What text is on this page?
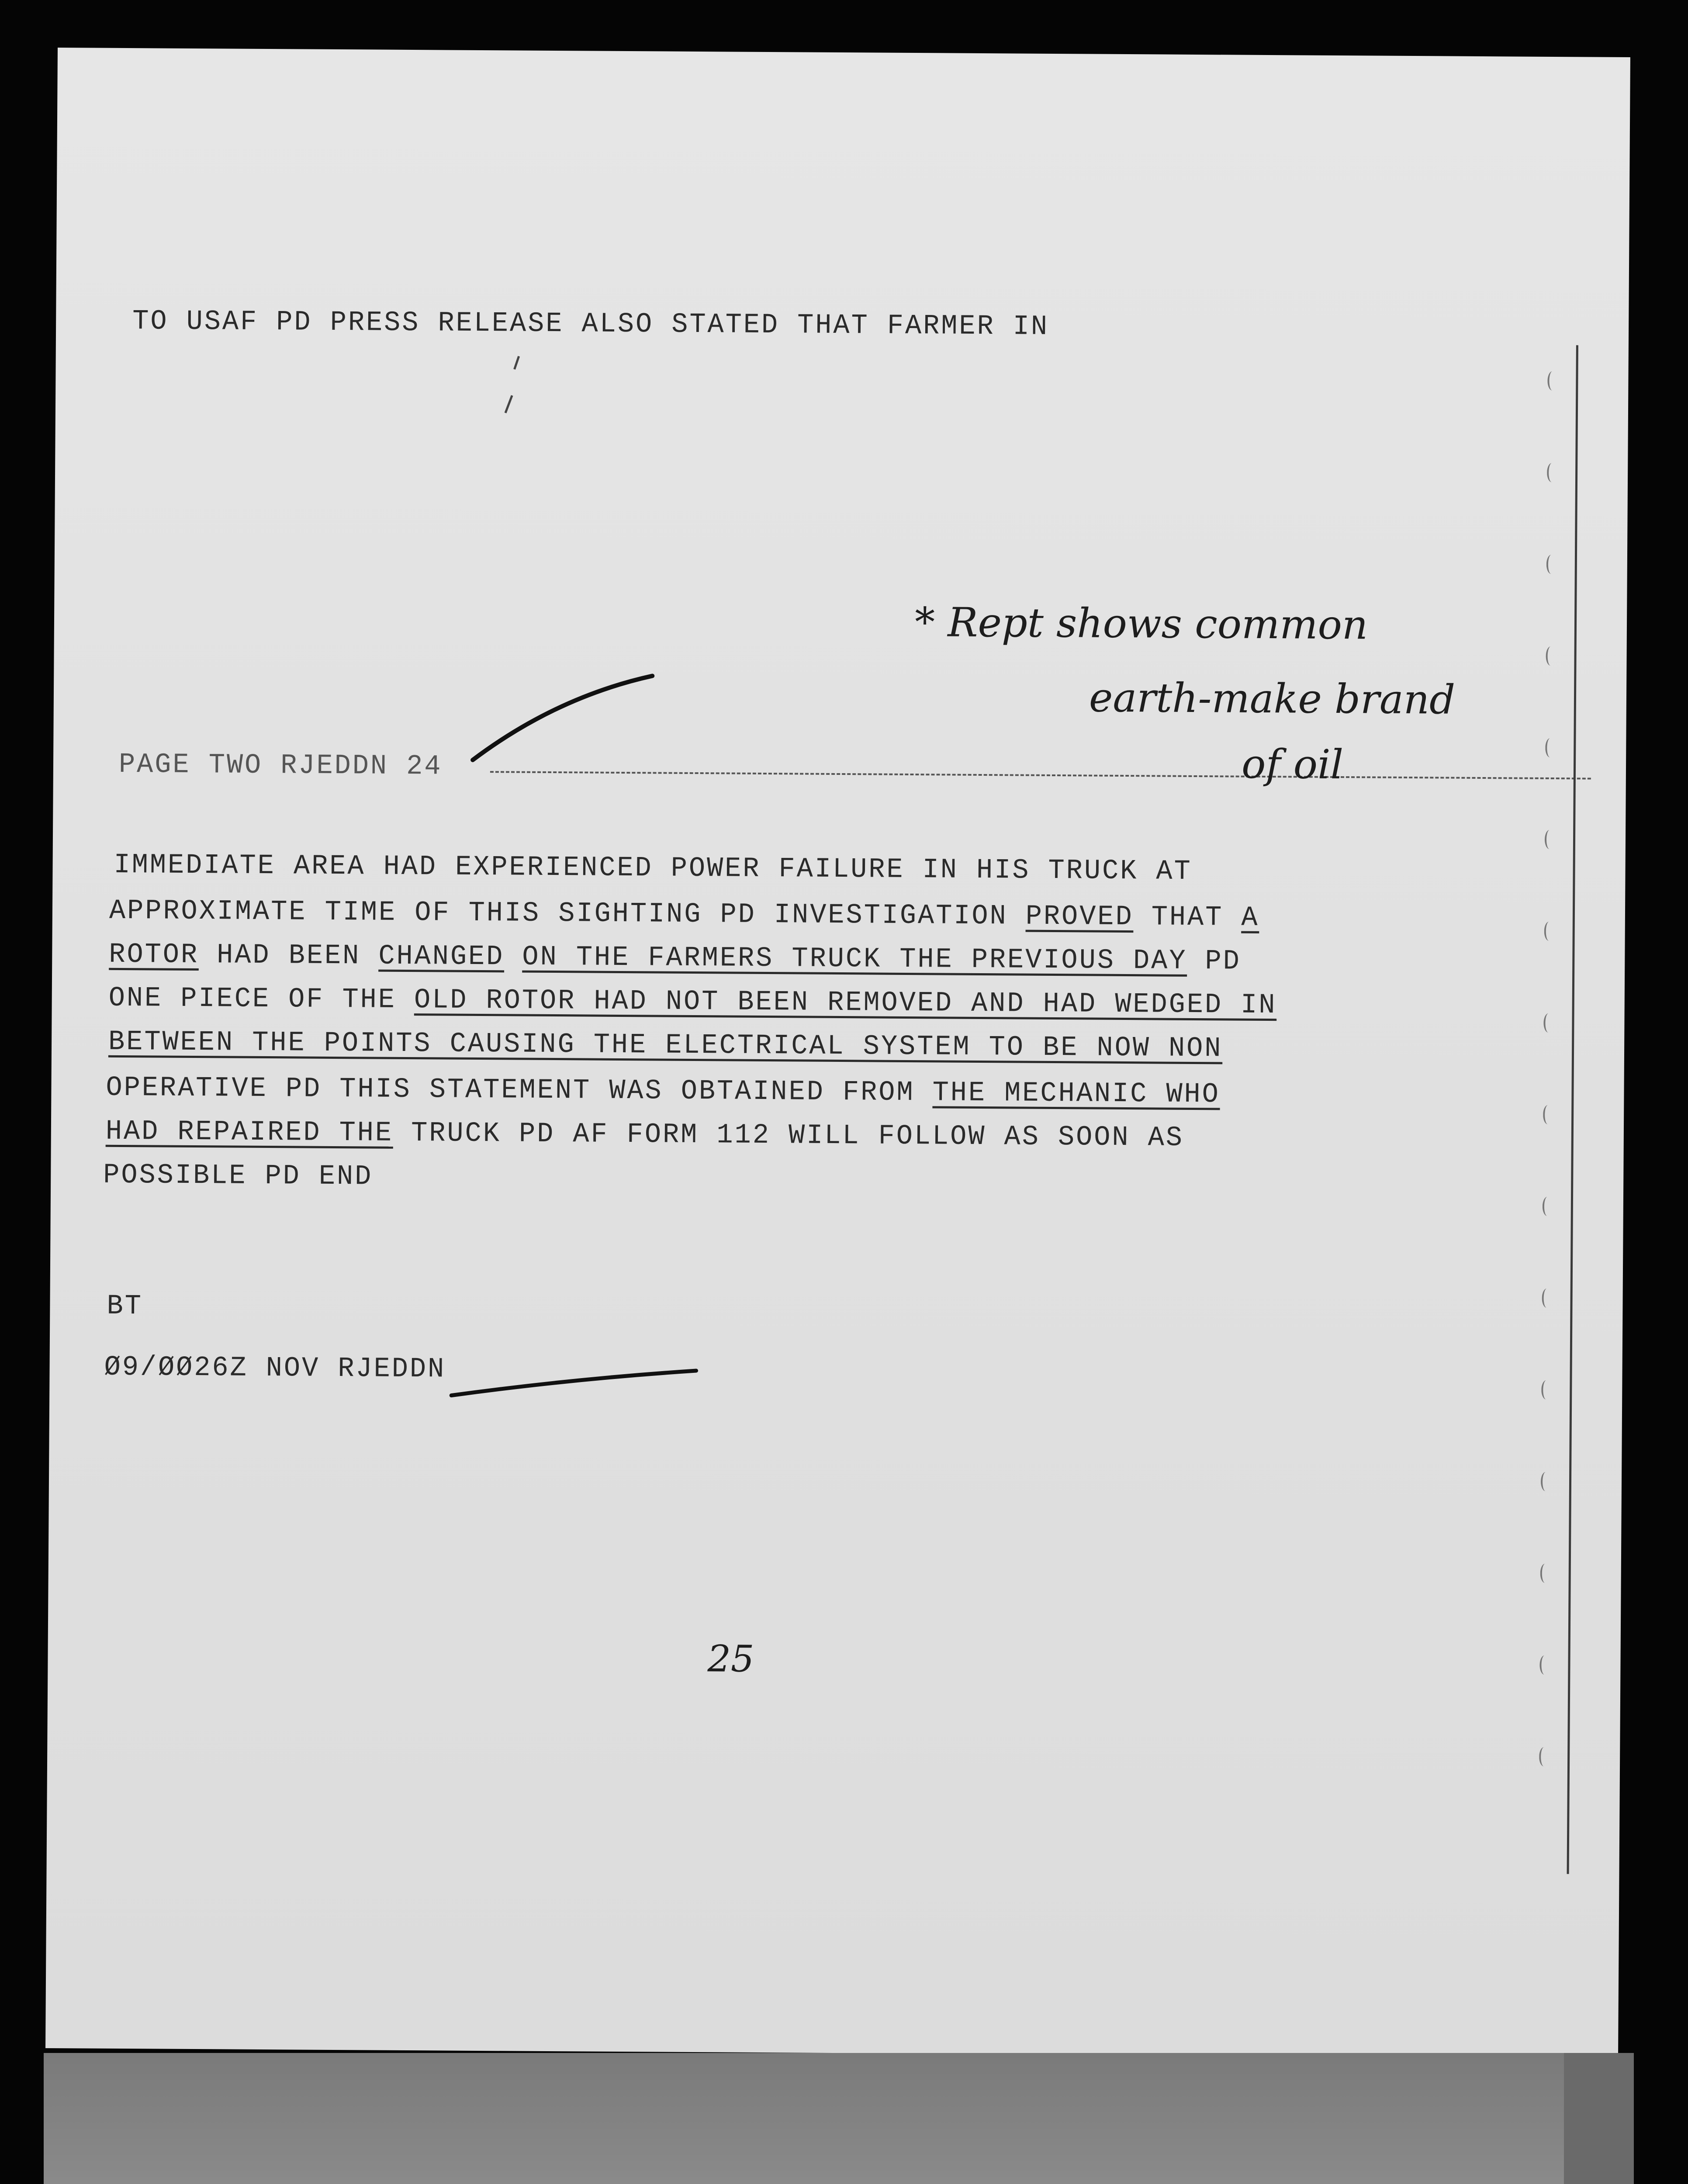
TO USAF PD PRESS RELEASE ALSO STATED THAT FARMER IN
PAGE TWO RJEDDN 24
IMMEDIATE AREA HAD EXPERIENCED POWER FAILURE IN HIS TRUCK AT
APPROXIMATE TIME OF THIS SIGHTING PD INVESTIGATION PROVED THAT A
ROTOR HAD BEEN CHANGED ON THE FARMERS TRUCK THE PREVIOUS DAY PD
ONE PIECE OF THE OLD ROTOR HAD NOT BEEN REMOVED AND HAD WEDGED IN
BETWEEN THE POINTS CAUSING THE ELECTRICAL SYSTEM TO BE NOW NON
OPERATIVE PD THIS STATEMENT WAS OBTAINED FROM THE MECHANIC WHO
HAD REPAIRED THE TRUCK PD AF FORM 112 WILL FOLLOW AS SOON AS
POSSIBLE PD END
BT
Ø9/ØØ26Z NOV RJEDDN
* Rept shows common
earth-make brand
of oil
25
